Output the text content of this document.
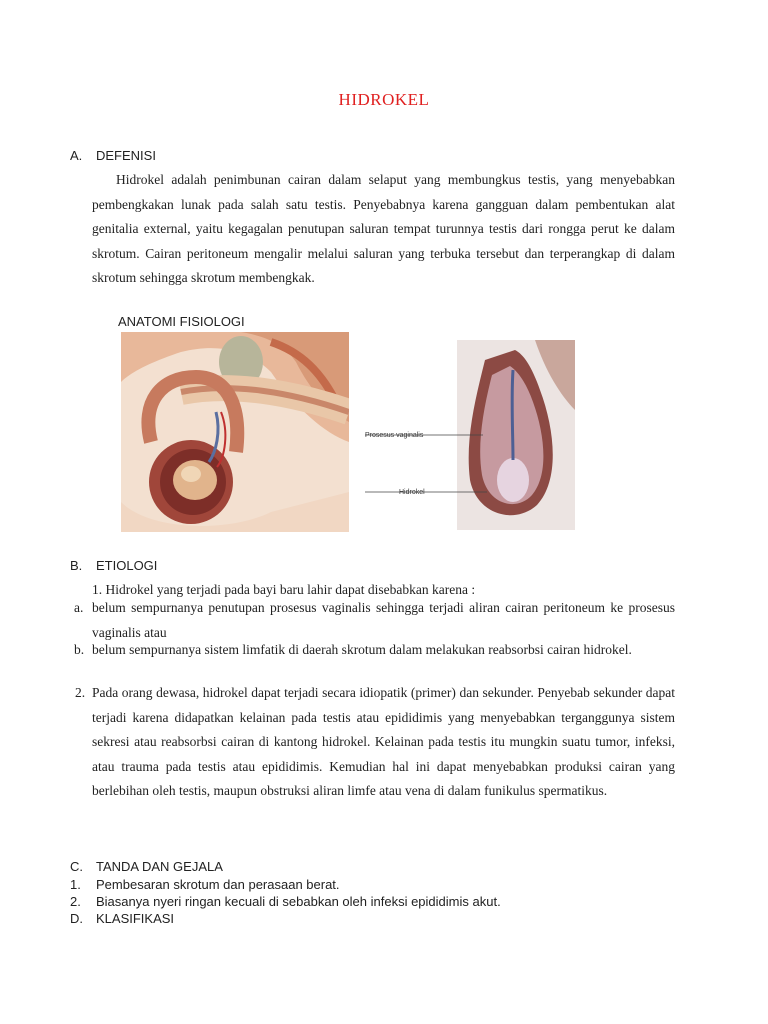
HIDROKEL
A. DEFENISI
Hidrokel adalah penimbunan cairan dalam selaput yang membungkus testis, yang menyebabkan pembengkakan lunak pada salah satu testis. Penyebabnya karena gangguan dalam pembentukan alat genitalia external, yaitu kegagalan penutupan saluran tempat turunnya testis dari rongga perut ke dalam skrotum. Cairan peritoneum mengalir melalui saluran yang terbuka tersebut dan terperangkap di dalam skrotum sehingga skrotum membengkak.
ANATOMI FISIOLOGI
Prosesus vaginalis
Hidrokel
B. ETIOLOGI
1. Hidrokel yang terjadi pada bayi baru lahir dapat disebabkan karena :
a. belum sempurnanya penutupan prosesus vaginalis sehingga terjadi aliran cairan peritoneum ke prosesus vaginalis atau
b. belum sempurnanya sistem limfatik di daerah skrotum dalam melakukan reabsorbsi cairan hidrokel.
2. Pada orang dewasa, hidrokel dapat terjadi secara idiopatik (primer) dan sekunder. Penyebab sekunder dapat terjadi karena didapatkan kelainan pada testis atau epididimis yang menyebabkan terganggunya sistem sekresi atau reabsorbsi cairan di kantong hidrokel. Kelainan pada testis itu mungkin suatu tumor, infeksi, atau trauma pada testis atau epididimis. Kemudian hal ini dapat menyebabkan produksi cairan yang berlebihan oleh testis, maupun obstruksi aliran limfe atau vena di dalam funikulus spermatikus.
C. TANDA DAN GEJALA
1. Pembesaran skrotum dan perasaan berat.
2. Biasanya nyeri ringan kecuali di sebabkan oleh infeksi epididimis akut.
D. KLASIFIKASI
